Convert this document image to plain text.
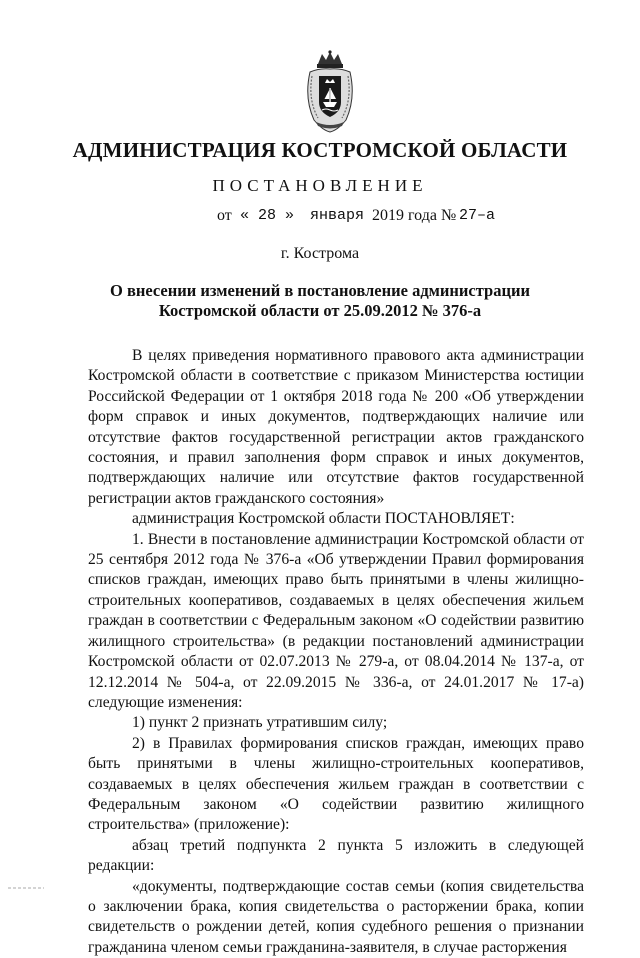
АДМИНИСТРАЦИЯ КОСТРОМСКОЙ ОБЛАСТИ
ПОСТАНОВЛЕНИЕ
от « 28 » января 2019 года № 27–а
г. Кострома
О внесении изменений в постановление администрации
Костромской области от 25.09.2012 № 376-а

В целях приведения нормативного правового акта администрации Костромской области в соответствие с приказом Министерства юстиции Российской Федерации от 1 октября 2018 года № 200 «Об утверждении форм справок и иных документов, подтверждающих наличие или отсутствие фактов государственной регистрации актов гражданского состояния, и правил заполнения форм справок и иных документов, подтверждающих наличие или отсутствие фактов государственной регистрации актов гражданского состояния»

администрация Костромской области ПОСТАНОВЛЯЕТ:

1. Внести в постановление администрации Костромской области от 25 сентября 2012 года № 376-а «Об утверждении Правил формирования списков граждан, имеющих право быть принятыми в члены жилищно-строительных кооперативов, создаваемых в целях обеспечения жильем граждан в соответствии с Федеральным законом «О содействии развитию жилищного строительства» (в редакции постановлений администрации Костромской области от 02.07.2013 № 279-а, от 08.04.2014 № 137-а, от 12.12.2014 № 504-а, от 22.09.2015 № 336-а, от 24.01.2017 № 17-а) следующие изменения:

1) пункт 2 признать утратившим силу;

2) в Правилах формирования списков граждан, имеющих право быть принятыми в члены жилищно-строительных кооперативов, создаваемых в целях обеспечения жильем граждан в соответствии с Федеральным законом «О содействии развитию жилищного строительства» (приложение):

абзац третий подпункта 2 пункта 5 изложить в следующей редакции:

«документы, подтверждающие состав семьи (копия свидетельства о заключении брака, копия свидетельства о расторжении брака, копии свидетельств о рождении детей, копия судебного решения о признании гражданина членом семьи гражданина-заявителя, в случае расторжения
